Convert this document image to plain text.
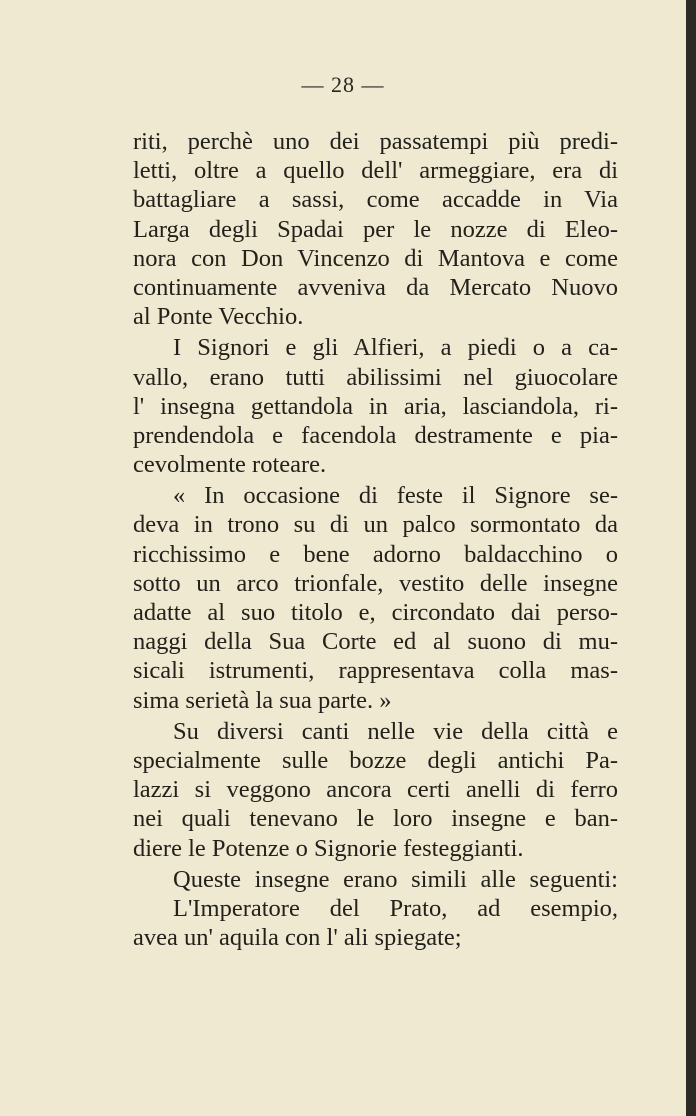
— 28 —
riti, perchè uno dei passatempi più predi-
letti, oltre a quello dell' armeggiare, era di
battagliare a sassi, come accadde in Via
Larga degli Spadai per le nozze di Eleo-
nora con Don Vincenzo di Mantova e come
continuamente avveniva da Mercato Nuovo
al Ponte Vecchio.
I Signori e gli Alfieri, a piedi o a ca-
vallo, erano tutti abilissimi nel giuocolare
l' insegna gettandola in aria, lasciandola, ri-
prendendola e facendola destramente e pia-
cevolmente roteare.
« In occasione di feste il Signore se-
deva in trono su di un palco sormontato da
ricchissimo e bene adorno baldacchino o
sotto un arco trionfale, vestito delle insegne
adatte al suo titolo e, circondato dai perso-
naggi della Sua Corte ed al suono di mu-
sicali istrumenti, rappresentava colla mas-
sima serietà la sua parte. »
Su diversi canti nelle vie della città e
specialmente sulle bozze degli antichi Pa-
lazzi si veggono ancora certi anelli di ferro
nei quali tenevano le loro insegne e ban-
diere le Potenze o Signorie festeggianti.
Queste insegne erano simili alle seguenti:
L'Imperatore del Prato, ad esempio,
avea un' aquila con l' ali spiegate;
